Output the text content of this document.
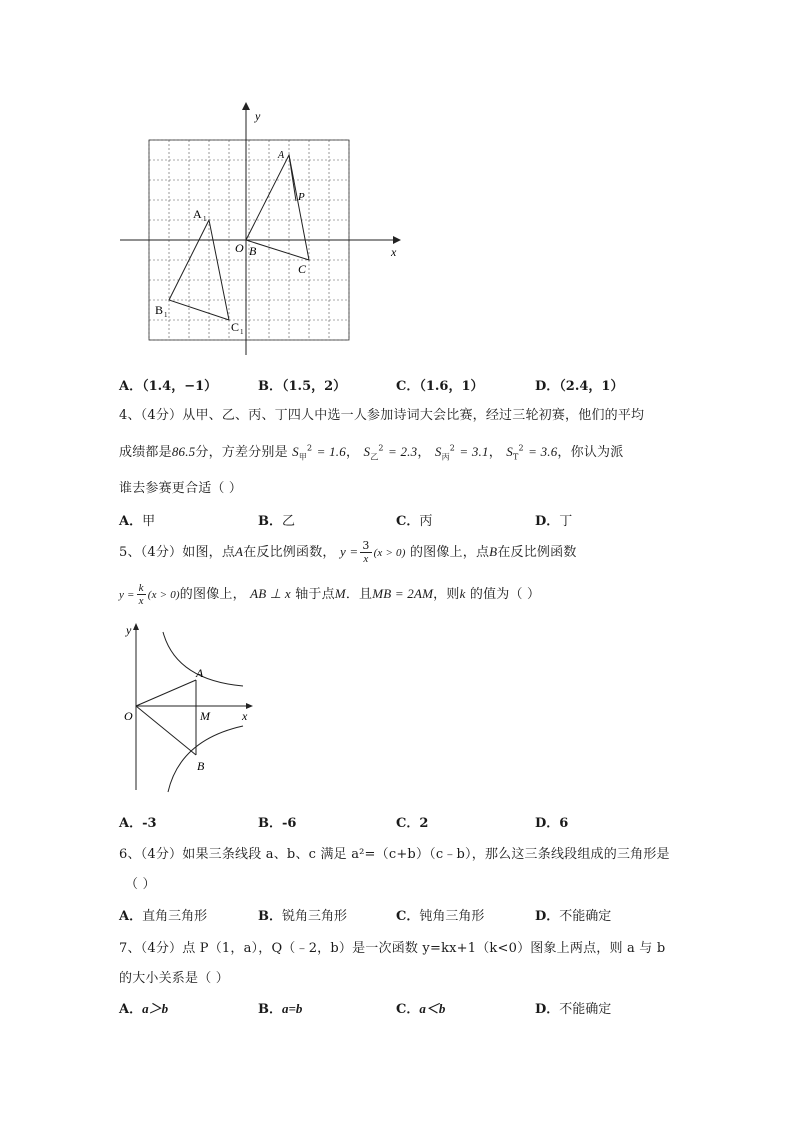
y
x
O
A
P
B
C
A 1
B 1
C 1
A．（1.4，−1）	B．（1.5，2）	C．（1.6，1）	D．（2.4，1）
4、（4分）从甲、乙、丙、丁四人中选一人参加诗词大会比赛，经过三轮初赛，他们的平均
成绩都是86.5分，方差分别是 $S_甲^2 = 1.6$， $S_乙^2 = 2.3$， $S_丙^2 = 3.1$， $S_T^2 = 3.6$，你认为派
谁去参赛更合适（ ）
A．甲	B．乙	C．丙	D．丁
5、（4分）如图，点A在反比例函数， $y = \frac{3}{x} (x > 0)$ 的图像上，点B在反比例函数
$y = \frac{k}{x} (x > 0)$的图像上， AB ⊥ x 轴于点M．且MB = 2AM，则k 的值为（ ）
y
x
O
A
M
B
A．-3	B．-6	C．2	D．6
6、（4分）如果三条线段 a、b、c 满足 a²=（c+b）（c﹣b），那么这三条线段组成的三角形是
（ ）
A．直角三角形	B．锐角三角形	C．钝角三角形	D．不能确定
7、（4分）点 P（1，a），Q（﹣2，b）是一次函数 y=kx+1（k<0）图象上两点，则 a 与 b
的大小关系是（ ）
A．a＞b	B．a=b	C．a＜b	D．不能确定
